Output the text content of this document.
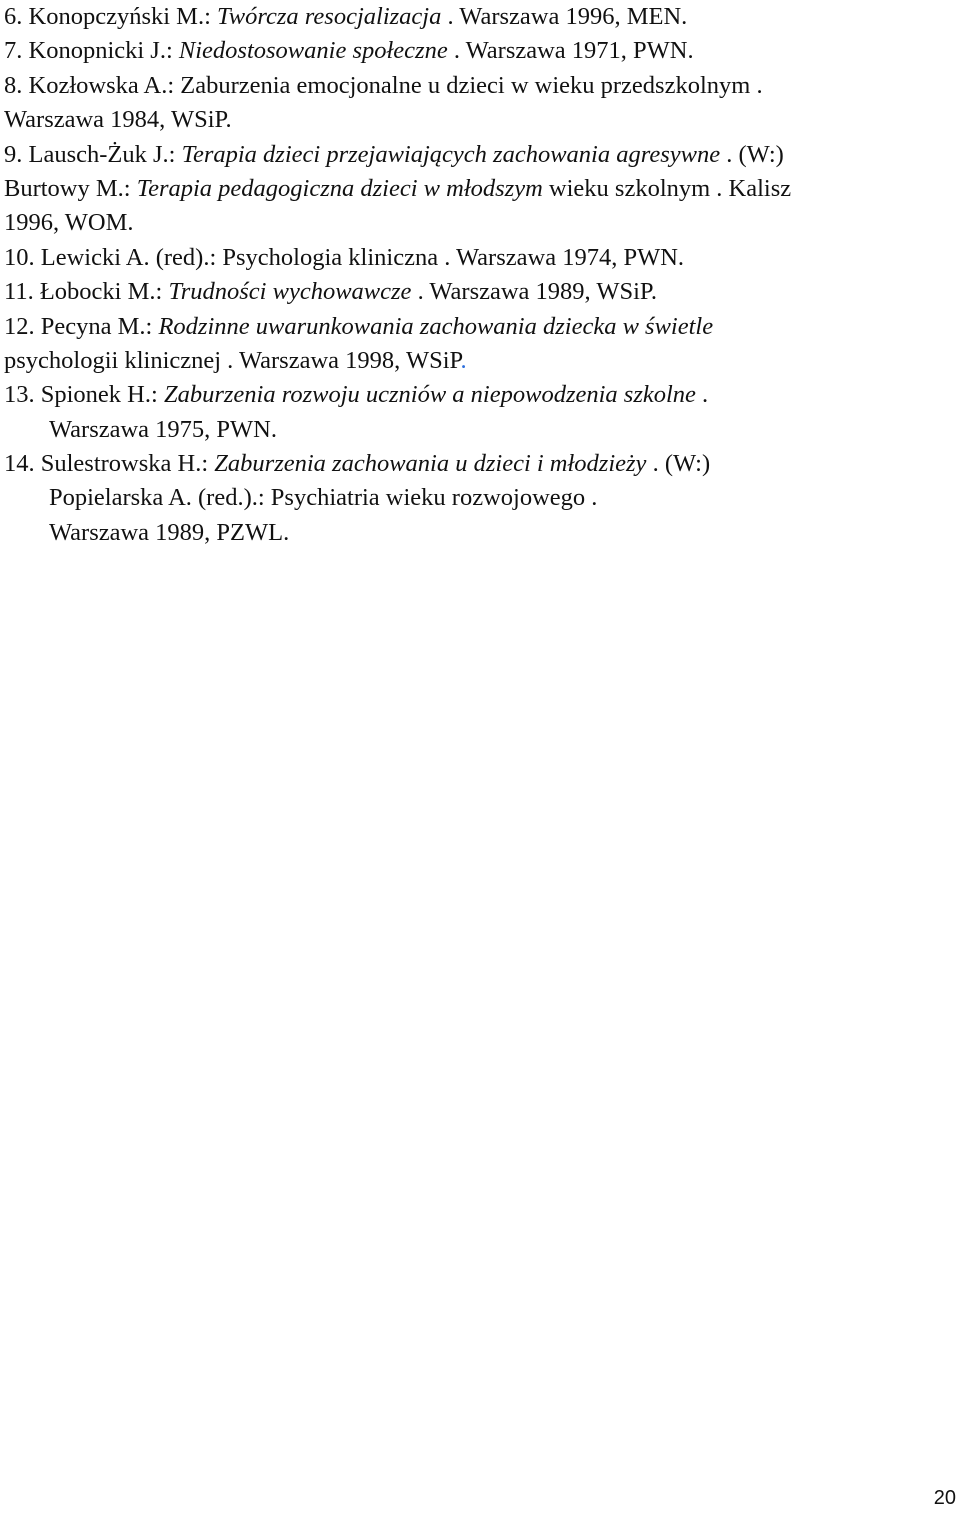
6. Konopczyński M.: Twórcza resocjalizacja . Warszawa 1996, MEN.
7. Konopnicki J.: Niedostosowanie społeczne . Warszawa 1971, PWN.
8. Kozłowska A.: Zaburzenia emocjonalne u dzieci w wieku przedszkolnym .
Warszawa 1984, WSiP.
9. Lausch-Żuk J.: Terapia dzieci przejawiających zachowania agresywne . (W:)
Burtowy M.: Terapia pedagogiczna dzieci w młodszym wieku szkolnym . Kalisz
1996, WOM.
10. Lewicki A. (red).: Psychologia kliniczna . Warszawa 1974, PWN.
11. Łobocki M.: Trudności wychowawcze . Warszawa 1989, WSiP.
12. Pecyna M.: Rodzinne uwarunkowania zachowania dziecka w świetle
psychologii klinicznej . Warszawa 1998, WSiP.
13. Spionek H.: Zaburzenia rozwoju uczniów a niepowodzenia szkolne .
Warszawa 1975, PWN.
14. Sulestrowska H.: Zaburzenia zachowania u dzieci i młodzieży . (W:)
Popielarska A. (red.).: Psychiatria wieku rozwojowego .
Warszawa 1989, PZWL.
20
